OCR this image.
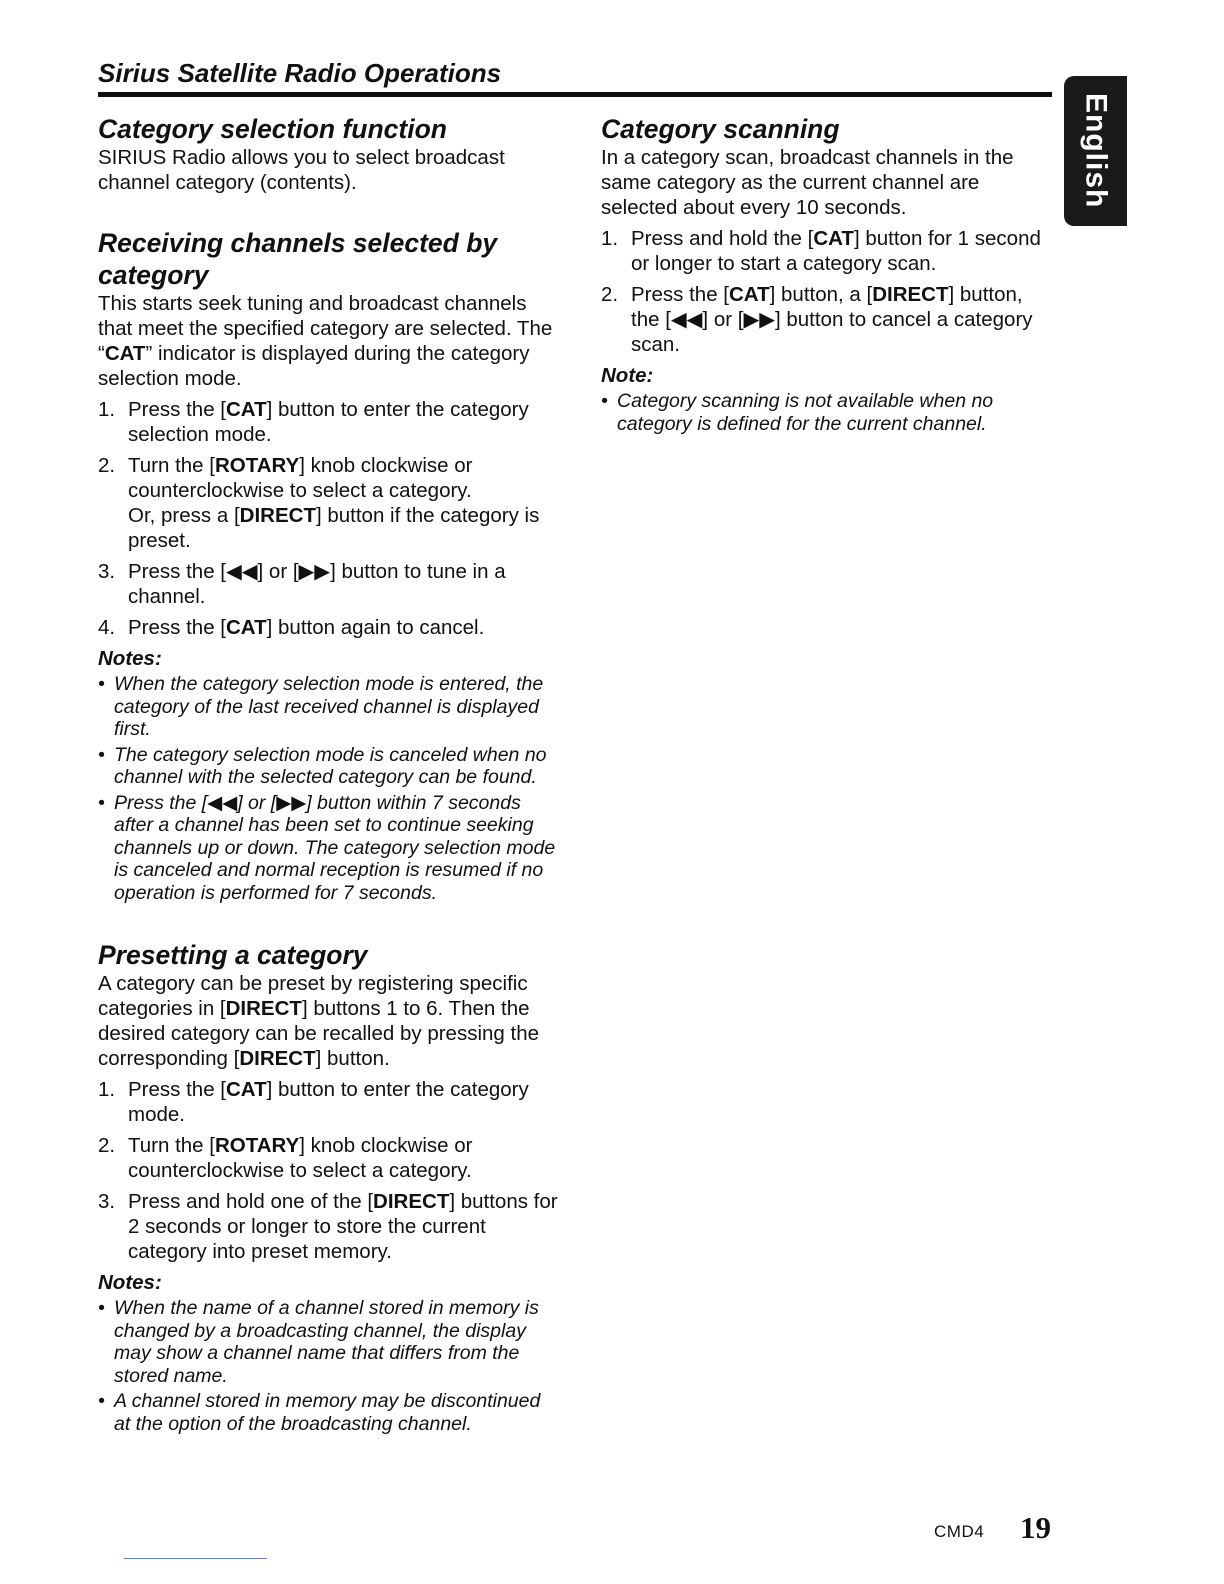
Sirius Satellite Radio Operations
English
Category selection function

SIRIUS Radio allows you to select broadcast channel category (contents).

Receiving channels selected by
category

This starts seek tuning and broadcast channels that meet the specified category are selected. The “CAT” indicator is displayed during the category selection mode.

1. Press the [CAT] button to enter the category selection mode.
2. Turn the [ROTARY] knob clockwise or counterclockwise to select a category.
Or, press a [DIRECT] button if the category is preset.
3. Press the [◀◀] or [▶▶] button to tune in a channel.
4. Press the [CAT] button again to cancel.
Notes:
• When the category selection mode is entered, the category of the last received channel is displayed first.
• The category selection mode is canceled when no channel with the selected category can be found.
• Press the [◀◀] or [▶▶] button within 7 seconds after a channel has been set to continue seeking channels up or down. The category selection mode is canceled and normal reception is resumed if no operation is performed for 7 seconds.
Presetting a category

A category can be preset by registering specific categories in [DIRECT] buttons 1 to 6. Then the desired category can be recalled by pressing the corresponding [DIRECT] button.

1. Press the [CAT] button to enter the category mode.
2. Turn the [ROTARY] knob clockwise or counterclockwise to select a category.
3. Press and hold one of the [DIRECT] buttons for 2 seconds or longer to store the current category into preset memory.
Notes:
• When the name of a channel stored in memory is changed by a broadcasting channel, the display may show a channel name that differs from the stored name.
• A channel stored in memory may be discontinued at the option of the broadcasting channel.
Category scanning

In a category scan, broadcast channels in the same category as the current channel are selected about every 10 seconds.

1. Press and hold the [CAT] button for 1 second or longer to start a category scan.
2. Press the [CAT] button, a [DIRECT] button, the [◀◀] or [▶▶] button to cancel a category scan.
Note:
• Category scanning is not available when no category is defined for the current channel.
CMD4 19
